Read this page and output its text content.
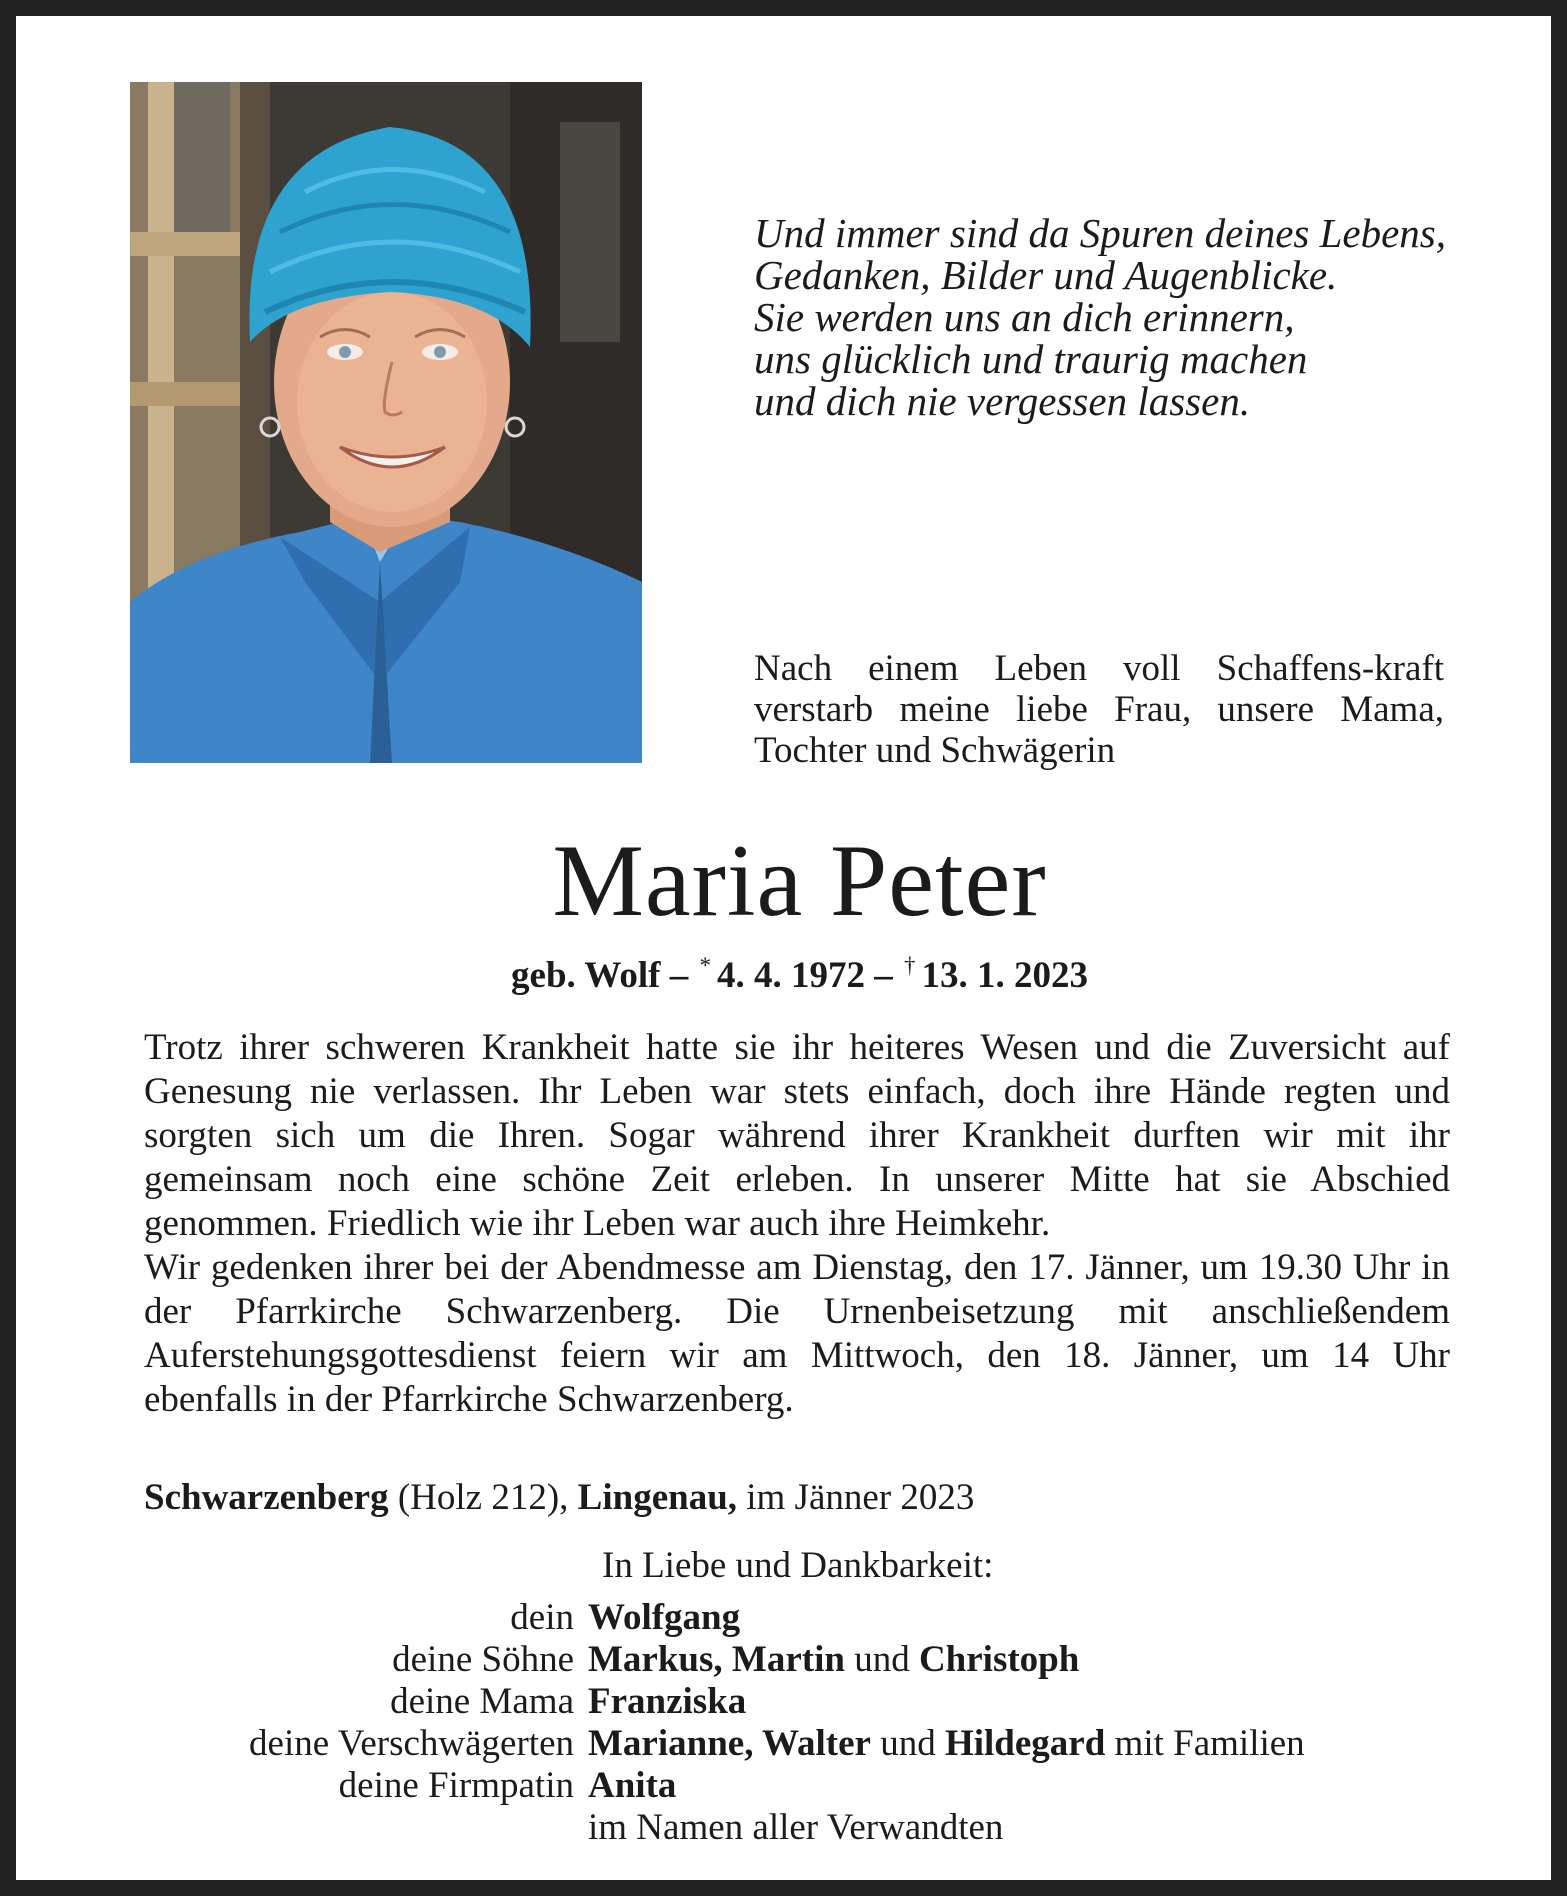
Und immer sind da Spuren deines Lebens,
Gedanken, Bilder und Augenblicke.
Sie werden uns an dich erinnern,
uns glücklich und traurig machen
und dich nie vergessen lassen.

Nach einem Leben voll Schaffens-kraft verstarb meine liebe Frau, unsere Mama, Tochter und Schwägerin

Maria Peter
geb. Wolf – * 4. 4. 1972 – † 13. 1. 2023

Trotz ihrer schweren Krankheit hatte sie ihr heiteres Wesen und die Zuversicht auf Genesung nie verlassen. Ihr Leben war stets einfach, doch ihre Hände regten und sorgten sich um die Ihren. Sogar während ihrer Krankheit durften wir mit ihr gemeinsam noch eine schöne Zeit erleben. In unserer Mitte hat sie Abschied genommen. Friedlich wie ihr Leben war auch ihre Heimkehr.

Wir gedenken ihrer bei der Abendmesse am Dienstag, den 17. Jänner, um 19.30 Uhr in der Pfarrkirche Schwarzenberg. Die Urnenbeisetzung mit anschließendem Auferstehungsgottesdienst feiern wir am Mittwoch, den 18. Jänner, um 14 Uhr ebenfalls in der Pfarrkirche Schwarzenberg.

Schwarzenberg (Holz 212), Lingenau, im Jänner 2023
In Liebe und Dankbarkeit:
dein Wolfgang
deine Söhne Markus, Martin und Christoph
deine Mama Franziska
deine Verschwägerten Marianne, Walter und Hildegard mit Familien
deine Firmpatin Anita
im Namen aller Verwandten
